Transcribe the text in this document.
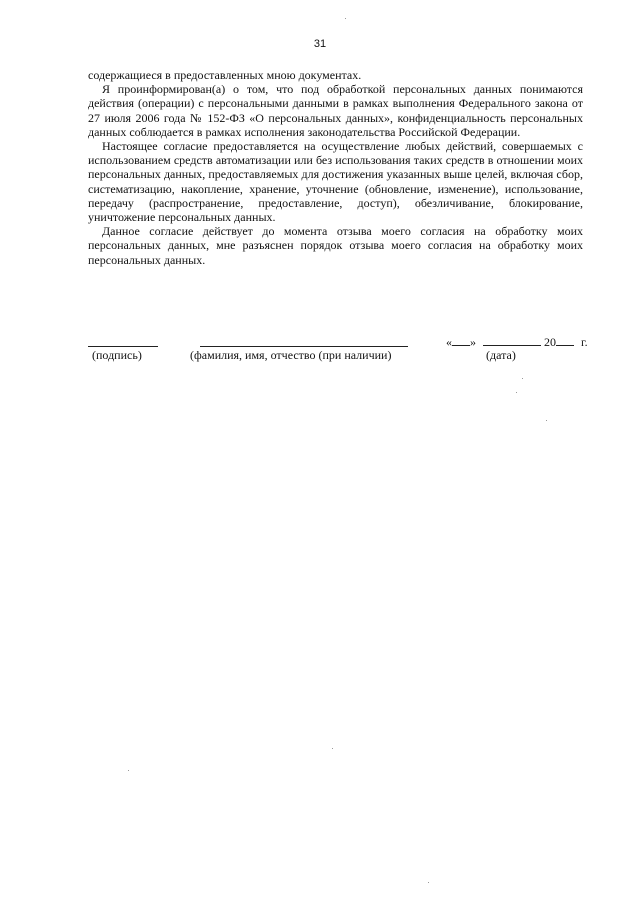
31

содержащиеся в предоставленных мною документах.

Я проинформирован(а) о том, что под обработкой персональных данных понимаются действия (операции) с персональными данными в рамках выполнения Федерального закона от 27 июля 2006 года № 152-ФЗ «О персональных данных», конфиденциальность персональных данных соблюдается в рамках исполнения законодательства Российской Федерации.

Настоящее согласие предоставляется на осуществление любых действий, совершаемых с использованием средств автоматизации или без использования таких средств в отношении моих персональных данных, предоставляемых для достижения указанных выше целей, включая сбор, систематизацию, накопление, хранение, уточнение (обновление, изменение), использование, передачу (распространение, предоставление, доступ), обезличивание, блокирование, уничтожение персональных данных.

Данное согласие действует до момента отзыва моего согласия на обработку моих персональных данных, мне разъяснен порядок отзыва моего согласия на обработку моих персональных данных.

(подпись)	(фамилия, имя, отчество (при наличии)
« »	20 г.
(дата)
